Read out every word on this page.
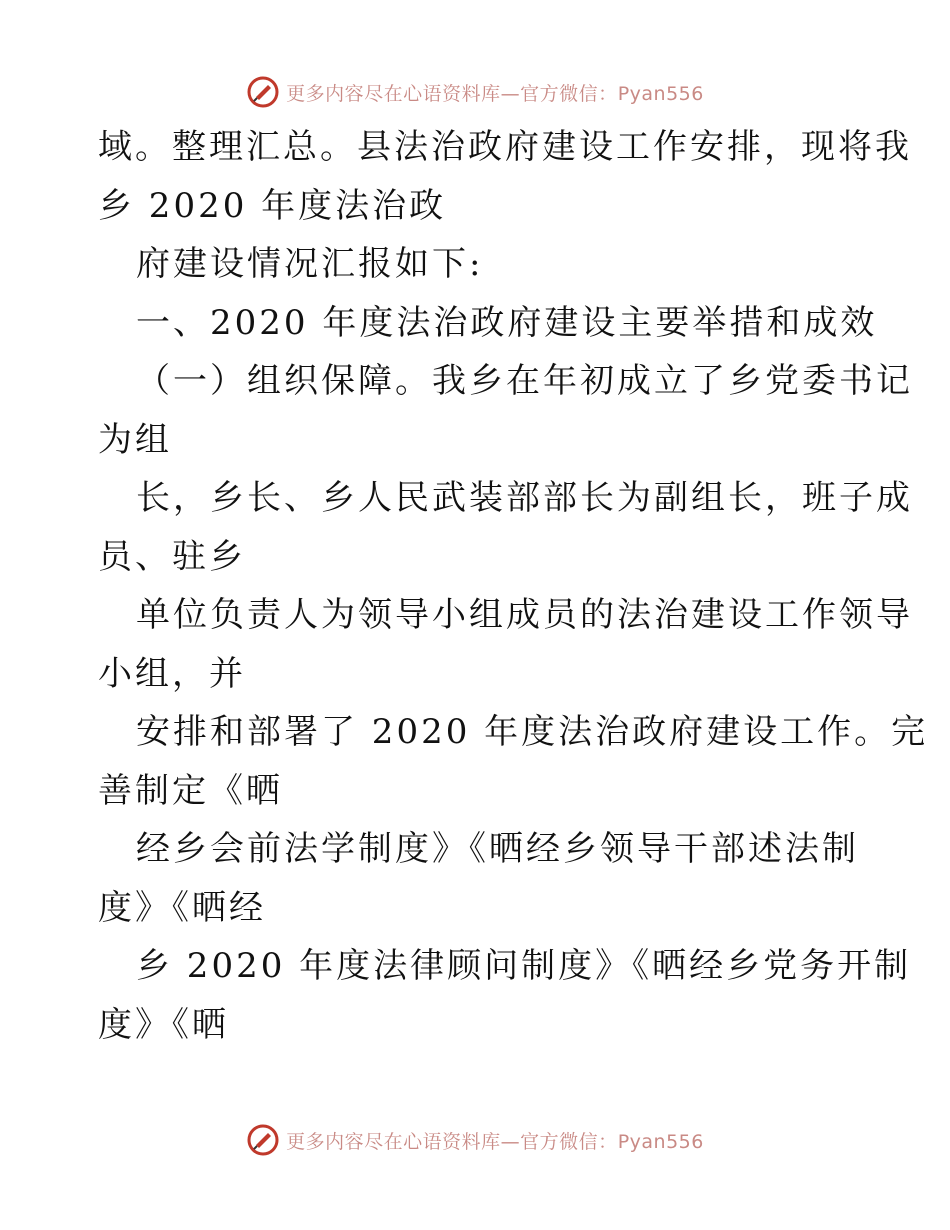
更多内容尽在心语资料库—官方微信：Pyan556

域。整理汇总。县法治政府建设工作安排，现将我

乡 2020 年度法治政

府建设情况汇报如下:

一、2020 年度法治政府建设主要举措和成效

（一）组织保障。我乡在年初成立了乡党委书记

为组

长，乡长、乡人民武装部部长为副组长，班子成

员、驻乡

单位负责人为领导小组成员的法治建设工作领导

小组，并

安排和部署了 2020 年度法治政府建设工作。完

善制定《晒

经乡会前法学制度》《晒经乡领导干部述法制

度》《晒经

乡 2020 年度法律顾问制度》《晒经乡党务开制

度》《晒

更多内容尽在心语资料库—官方微信：Pyan556
